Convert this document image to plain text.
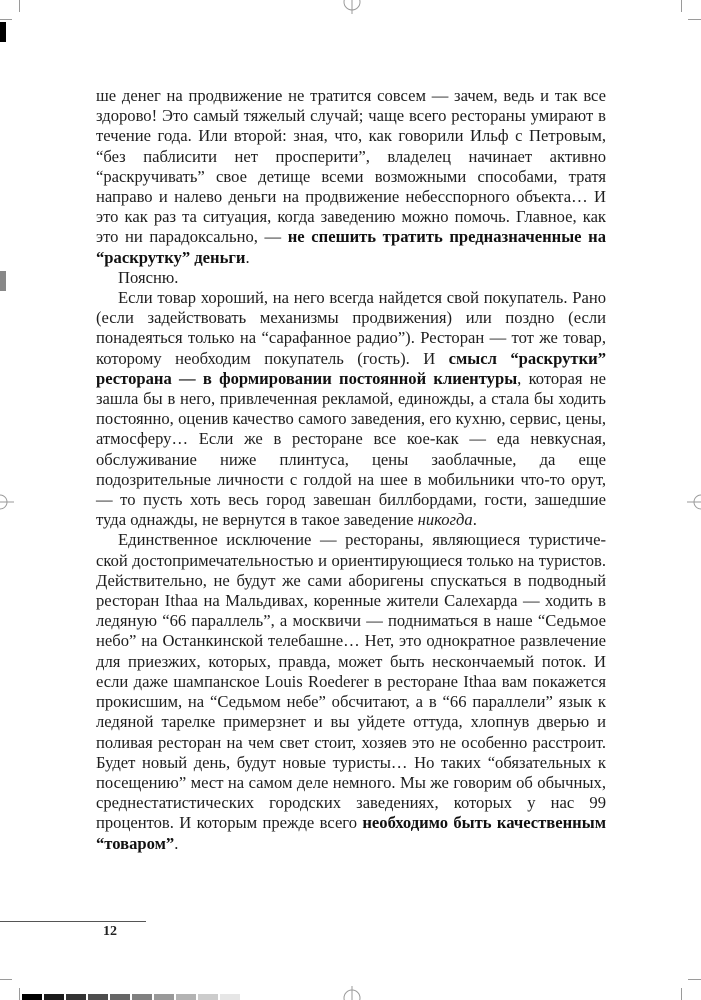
ше денег на продвижение не тратится совсем — зачем, ведь и так все здорово! Это самый тяжелый случай; чаще всего рестораны умирают в течение года. Или второй: зная, что, как говорили Ильф с Петровым, “без паблисити нет просперити”, владелец начинает активно “раскручивать” свое детище всеми возможными способами, тратя направо и налево деньги на продвижение небесспорного объекта… И это как раз та ситуация, когда заведению можно помочь. Главное, как это ни парадоксально, — не спешить тратить предназначенные на “раскрутку” деньги.

Поясню.

Если товар хороший, на него всегда найдется свой покупатель. Рано (если задействовать механизмы продвижения) или поздно (если понадеяться только на “сарафанное радио”). Ресторан — тот же товар, которому необходим покупатель (гость). И смысл “раскрутки” ресторана — в формировании постоянной клиентуры, которая не зашла бы в него, привлеченная рекламой, единожды, а стала бы ходить постоянно, оценив качество самого заведения, его кухню, сервис, цены, атмосферу… Если же в ресторане все кое-как — еда невкусная, обслуживание ниже плинтуса, цены заоблачные, да еще подозрительные личности с голдой на шее в мобильники что-то орут, — то пусть хоть весь город завешан биллбордами, гости, зашедшие туда однажды, не вернутся в такое заведение никогда.

Единственное исключение — рестораны, являющиеся туристической достопримечательностью и ориентирующиеся только на туристов. Действительно, не будут же сами аборигены спускаться в подводный ресторан Ithaa на Мальдивах, коренные жители Салехарда — ходить в ледяную “66 параллель”, а москвичи — подниматься в наше “Седьмое небо” на Останкинской телебашне… Нет, это однократное развлечение для приезжих, которых, правда, может быть нескончаемый поток. И если даже шампанское Louis Roederer в ресторане Ithaa вам покажется прокисшим, на “Седьмом небе” обсчитают, а в “66 параллели” язык к ледяной тарелке примерзнет и вы уйдете оттуда, хлопнув дверью и поливая ресторан на чем свет стоит, хозяев это не особенно расстроит. Будет новый день, будут новые туристы… Но таких “обязательных к посещению” мест на самом деле немного. Мы же говорим об обычных, среднестатистических городских заведениях, которых у нас 99 процентов. И которым прежде всего необходимо быть качественным “товаром”.

12
